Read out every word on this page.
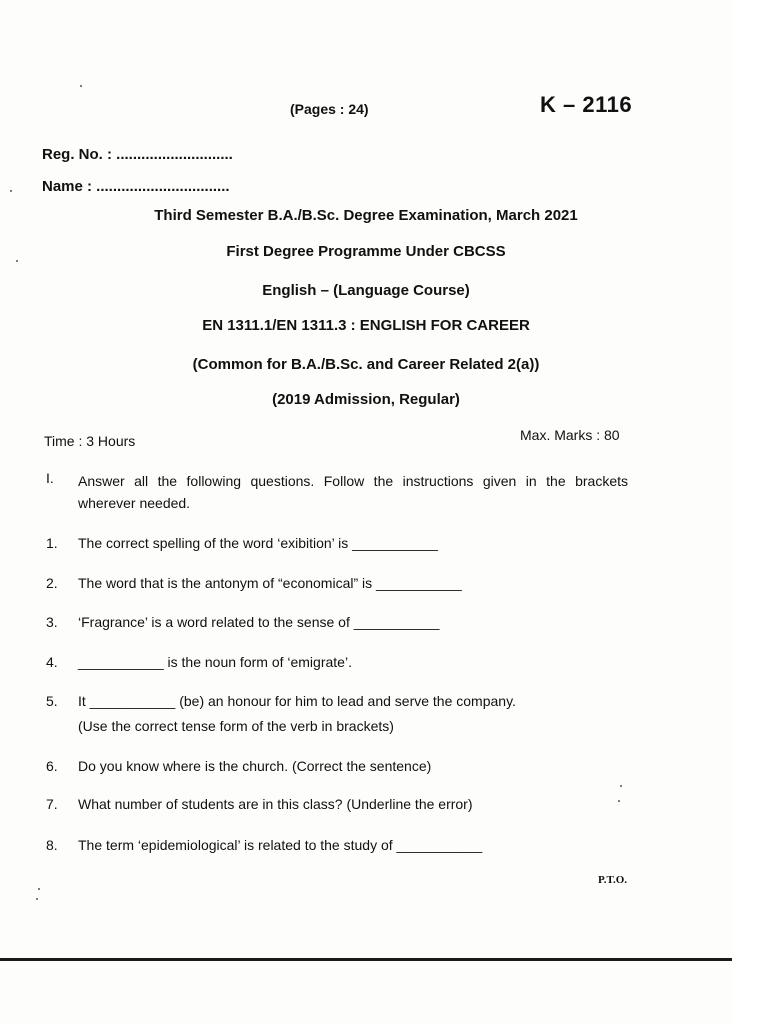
(Pages : 24)	K – 2116
Reg. No. : ............................
Name : ................................
Third Semester B.A./B.Sc. Degree Examination, March 2021
First Degree Programme Under CBCSS
English – (Language Course)
EN 1311.1/EN 1311.3 : ENGLISH FOR CAREER
(Common for B.A./B.Sc. and Career Related 2(a))
(2019 Admission, Regular)
Time : 3 Hours	Max. Marks : 80
I. Answer all the following questions. Follow the instructions given in the brackets wherever needed.
1. The correct spelling of the word ‘exibition’ is ___________
2. The word that is the antonym of “economical” is ___________
3. ‘Fragrance’ is a word related to the sense of ___________
4. ___________ is the noun form of ‘emigrate’.
5. It ___________ (be) an honour for him to lead and serve the company.
(Use the correct tense form of the verb in brackets)
6. Do you know where is the church. (Correct the sentence)
7. What number of students are in this class? (Underline the error)
8. The term ‘epidemiological’ is related to the study of ___________
P.T.O.
